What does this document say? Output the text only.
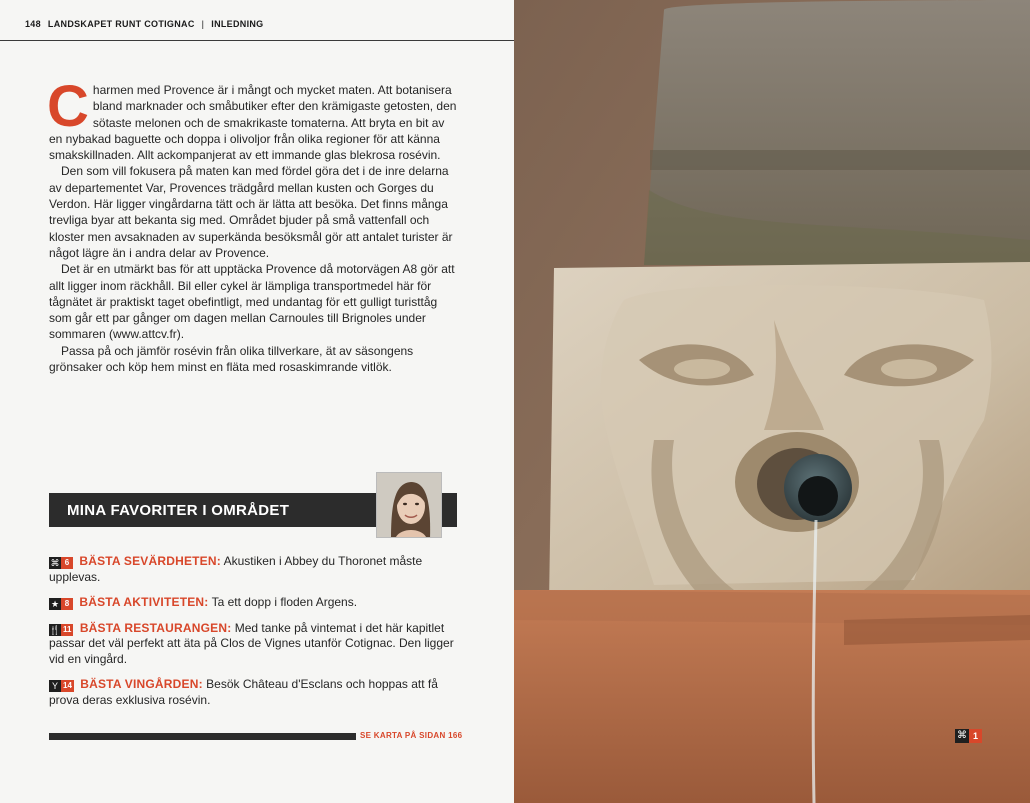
148 LANDSKAPET RUNT COTIGNAC | INLEDNING

Charmen med Provence är i mångt och mycket maten. Att botanisera bland marknader och småbutiker efter den krämigaste getosten, den sötaste melonen och de smakrikaste tomaterna. Att bryta en bit av en nybakad baguette och doppa i olivoljor från olika regioner för att känna smakskillnaden. Allt ackompanjerat av ett immande glas blekrosa rosévin.

Den som vill fokusera på maten kan med fördel göra det i de inre delarna av departementet Var, Provences trädgård mellan kusten och Gorges du Verdon. Här ligger vingårdarna tätt och är lätta att besöka. Det finns många trevliga byar att bekanta sig med. Området bjuder på små vattenfall och kloster men avsaknaden av superkända besöksmål gör att antalet turister är något lägre än i andra delar av Provence.

Det är en utmärkt bas för att upptäcka Provence då motorvägen A8 gör att allt ligger inom räckhåll. Bil eller cykel är lämpliga transportmedel här för tågnätet är praktiskt taget obefintligt, med undantag för ett gulligt turisttåg som går ett par gånger om dagen mellan Carnoules till Brignoles under sommaren (www.attcv.fr).

Passa på och jämför rosévin från olika tillverkare, ät av säsongens grönsaker och köp hem minst en fläta med rosaskimrande vitlök.

MINA FAVORITER I OMRÅDET
⌘ 6 BÄSTA SEVÄRDHETEN: Akustiken i Abbey du Thoronet måste upplevas.
★ 8 BÄSTA AKTIVITETEN: Ta ett dopp i floden Argens.
🍴 11 BÄSTA RESTAURANGEN: Med tanke på vintemat i det här kapitlet passar det väl perfekt att äta på Clos de Vignes utanför Cotignac. Den ligger vid en vingård.
Y 14 BÄSTA VINGÅRDEN: Besök Château d'Esclans och hoppas att få prova deras exklusiva rosévin.
SE KARTA PÅ SIDAN 166	⌘ 1
